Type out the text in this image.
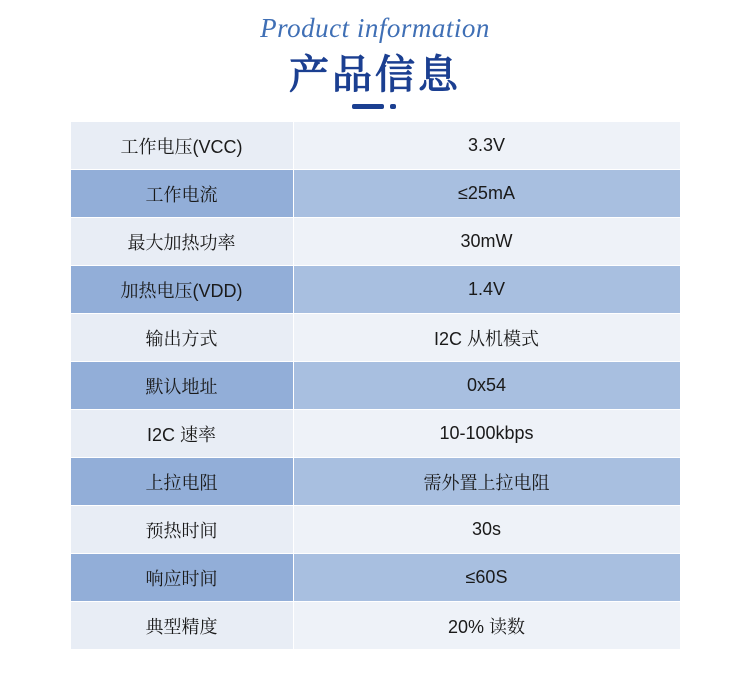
Product information
产品信息
工作电压(VCC)	3.3V
工作电流	≤25mA
最大加热功率	30mW
加热电压(VDD)	1.4V
输出方式	I2C 从机模式
默认地址	0x54
I2C 速率	10-100kbps
上拉电阻	需外置上拉电阻
预热时间	30s
响应时间	≤60S
典型精度	20% 读数
